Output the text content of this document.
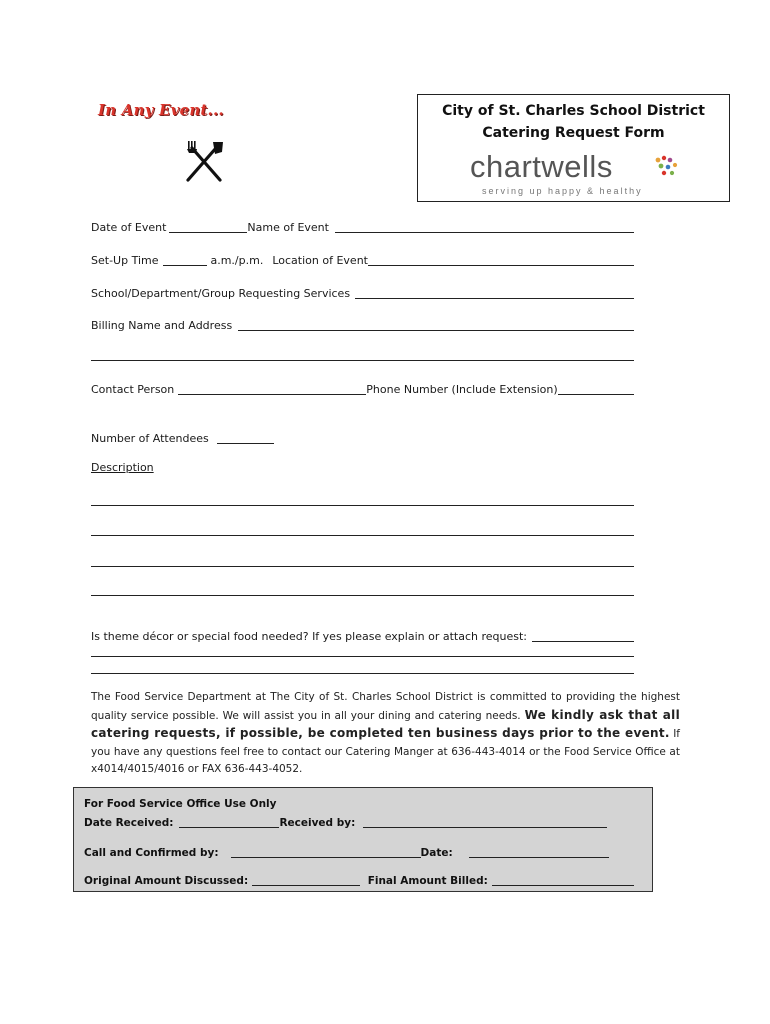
In Any Event...	City of St. Charles School District
Catering Request Form
chartwells
serving up happy & healthy
Date of Event	Name of Event
Set-Up Time	a.m./p.m. Location of Event
School/Department/Group Requesting Services
Billing Name and Address
Contact Person	Phone Number (Include Extension)
Number of Attendees
Description
Is theme décor or special food needed? If yes please explain or attach request:
The Food Service Department at The City of St. Charles School District is committed to providing the highest quality service possible. We will assist you in all your dining and catering needs. We kindly ask that all catering requests, if possible, be completed ten business days prior to the event. If you have any questions feel free to contact our Catering Manger at 636-443-4014 or the Food Service Office at x4014/4015/4016 or FAX 636-443-4052.
For Food Service Office Use Only
Date Received:	Received by:
Call and Confirmed by:	Date:
Original Amount Discussed:	Final Amount Billed:
